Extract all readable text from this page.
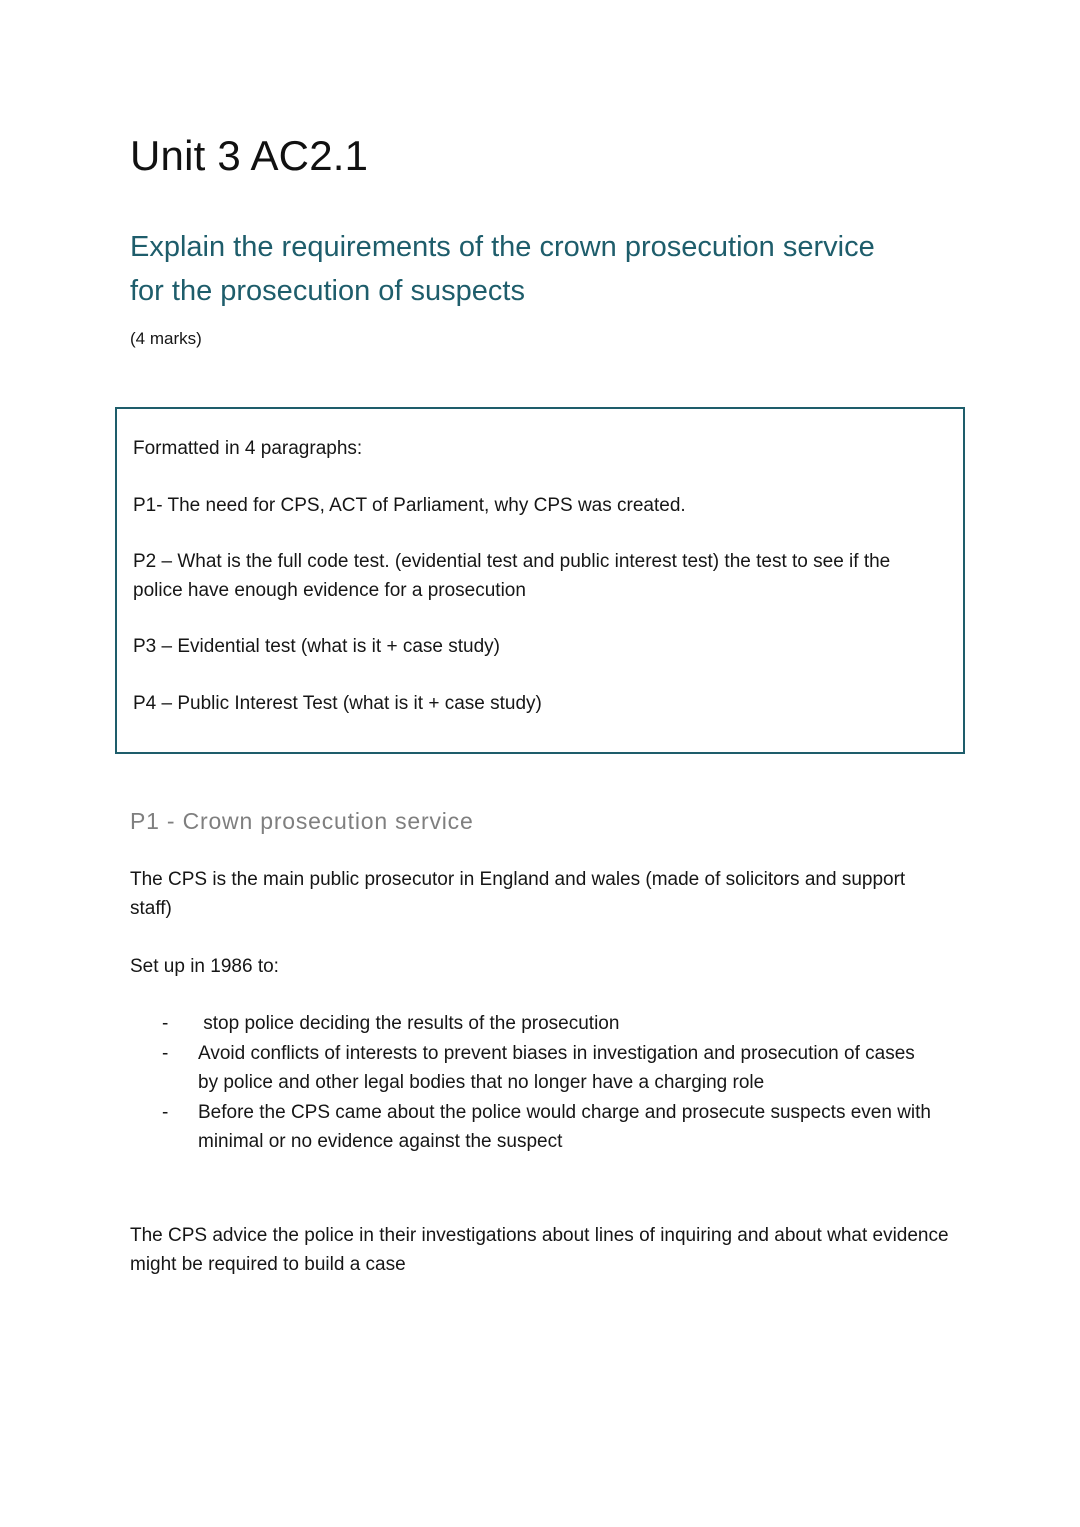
Unit 3 AC2.1
Explain the requirements of the crown prosecution service for the prosecution of suspects

(4 marks)

Formatted in 4 paragraphs:

P1- The need for CPS, ACT of Parliament, why CPS was created.

P2 – What is the full code test. (evidential test and public interest test) the test to see if the police have enough evidence for a prosecution

P3 – Evidential test (what is it + case study)

P4 – Public Interest Test (what is it + case study)

P1 - Crown prosecution service

The CPS is the main public prosecutor in England and wales (made of solicitors and support staff)

Set up in 1986 to:

-	stop police deciding the results of the prosecution
-	Avoid conflicts of interests to prevent biases in investigation and prosecution of cases by police and other legal bodies that no longer have a charging role
-	Before the CPS came about the police would charge and prosecute suspects even with minimal or no evidence against the suspect

The CPS advice the police in their investigations about lines of inquiring and about what evidence might be required to build a case
